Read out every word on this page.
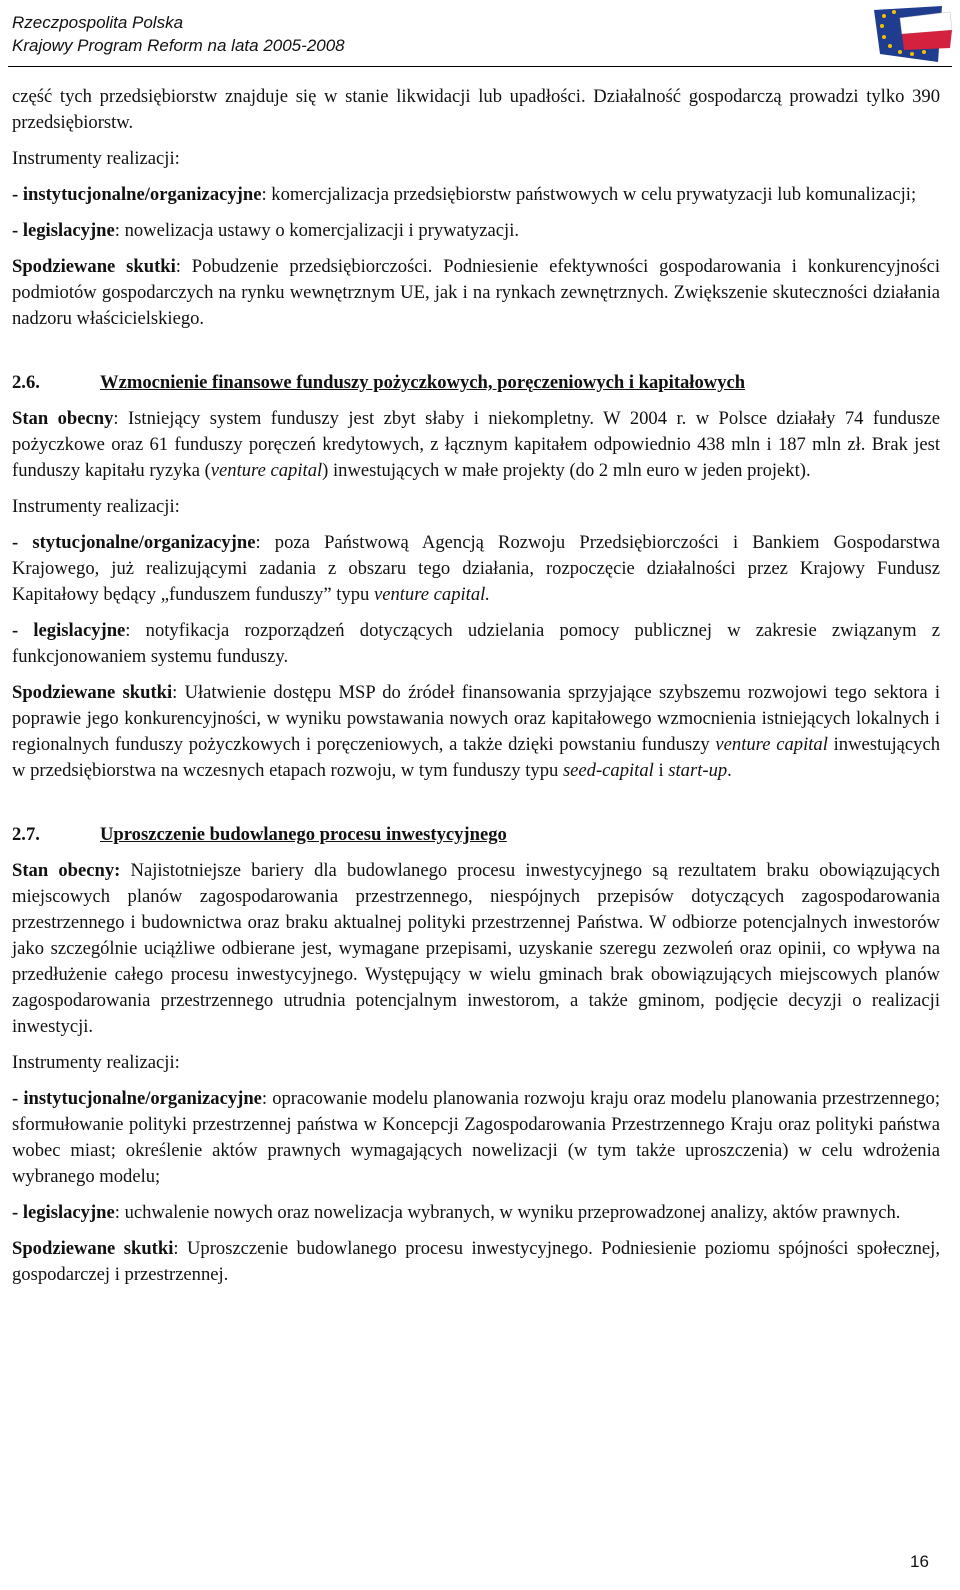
Rzeczpospolita Polska
Krajowy Program Reform na lata 2005-2008

część tych przedsiębiorstw znajduje się w stanie likwidacji lub upadłości. Działalność gospodarczą prowadzi tylko 390 przedsiębiorstw.

Instrumenty realizacji:

- instytucjonalne/organizacyjne: komercjalizacja przedsiębiorstw państwowych w celu prywatyzacji lub komunalizacji;

- legislacyjne: nowelizacja ustawy o komercjalizacji i prywatyzacji.

Spodziewane skutki: Pobudzenie przedsiębiorczości. Podniesienie efektywności gospodarowania i konkurencyjności podmiotów gospodarczych na rynku wewnętrznym UE, jak i na rynkach zewnętrznych. Zwiększenie skuteczności działania nadzoru właścicielskiego.

2.6.	Wzmocnienie finansowe funduszy pożyczkowych, poręczeniowych i kapitałowych

Stan obecny: Istniejący system funduszy jest zbyt słaby i niekompletny. W 2004 r. w Polsce działały 74 fundusze pożyczkowe oraz 61 funduszy poręczeń kredytowych, z łącznym kapitałem odpowiednio 438 mln i 187 mln zł. Brak jest funduszy kapitału ryzyka (venture capital) inwestujących w małe projekty (do 2 mln euro w jeden projekt).

Instrumenty realizacji:

- stytucjonalne/organizacyjne: poza Państwową Agencją Rozwoju Przedsiębiorczości i Bankiem Gospodarstwa Krajowego, już realizującymi zadania z obszaru tego działania, rozpoczęcie działalności przez Krajowy Fundusz Kapitałowy będący „funduszem funduszy” typu venture capital.

- legislacyjne: notyfikacja rozporządzeń dotyczących udzielania pomocy publicznej w zakresie związanym z funkcjonowaniem systemu funduszy.

Spodziewane skutki: Ułatwienie dostępu MSP do źródeł finansowania sprzyjające szybszemu rozwojowi tego sektora i poprawie jego konkurencyjności, w wyniku powstawania nowych oraz kapitałowego wzmocnienia istniejących lokalnych i regionalnych funduszy pożyczkowych i poręczeniowych, a także dzięki powstaniu funduszy venture capital inwestujących w przedsiębiorstwa na wczesnych etapach rozwoju, w tym funduszy typu seed-capital i start-up.

2.7.	Uproszczenie budowlanego procesu inwestycyjnego

Stan obecny: Najistotniejsze bariery dla budowlanego procesu inwestycyjnego są rezultatem braku obowiązujących miejscowych planów zagospodarowania przestrzennego, niespójnych przepisów dotyczących zagospodarowania przestrzennego i budownictwa oraz braku aktualnej polityki przestrzennej Państwa. W odbiorze potencjalnych inwestorów jako szczególnie uciążliwe odbierane jest, wymagane przepisami, uzyskanie szeregu zezwoleń oraz opinii, co wpływa na przedłużenie całego procesu inwestycyjnego. Występujący w wielu gminach brak obowiązujących miejscowych planów zagospodarowania przestrzennego utrudnia potencjalnym inwestorom, a także gminom, podjęcie decyzji o realizacji inwestycji.

Instrumenty realizacji:

- instytucjonalne/organizacyjne: opracowanie modelu planowania rozwoju kraju oraz modelu planowania przestrzennego; sformułowanie polityki przestrzennej państwa w Koncepcji Zagospodarowania Przestrzennego Kraju oraz polityki państwa wobec miast; określenie aktów prawnych wymagających nowelizacji (w tym także uproszczenia) w celu wdrożenia wybranego modelu;

- legislacyjne: uchwalenie nowych oraz nowelizacja wybranych, w wyniku przeprowadzonej analizy, aktów prawnych.

Spodziewane skutki: Uproszczenie budowlanego procesu inwestycyjnego. Podniesienie poziomu spójności społecznej, gospodarczej i przestrzennej.

16
